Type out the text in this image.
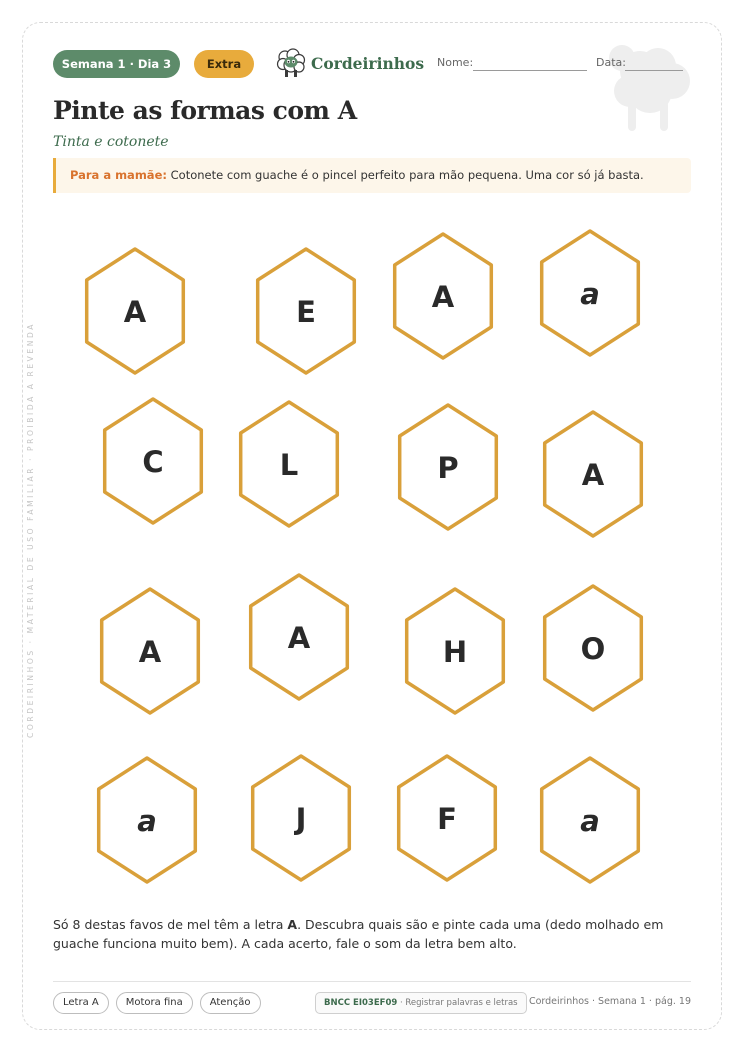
CORDEIRINHOS · MATERIAL DE USO FAMILIAR · PROIBIDA A REVENDA
Semana 1 · Dia 3	Extra	Cordeirinhos Nome:	Data:
Pinte as formas com A
Tinta e cotonete
Para a mamãe: Cotonete com guache é o pincel perfeito para mão pequena. Uma cor só já basta.
A	E	A	a
C	L	P	A
A	A	H	O
a	J	F	a
Só 8 destas favos de mel têm a letra A. Descubra quais são e pinte cada uma (dedo molhado em guache funciona muito bem). A cada acerto, fale o som da letra bem alto.
Letra A	Motora fina	Atenção	BNCC EI03EF09 · Registrar palavras e letras	Cordeirinhos · Semana 1 · pág. 19
